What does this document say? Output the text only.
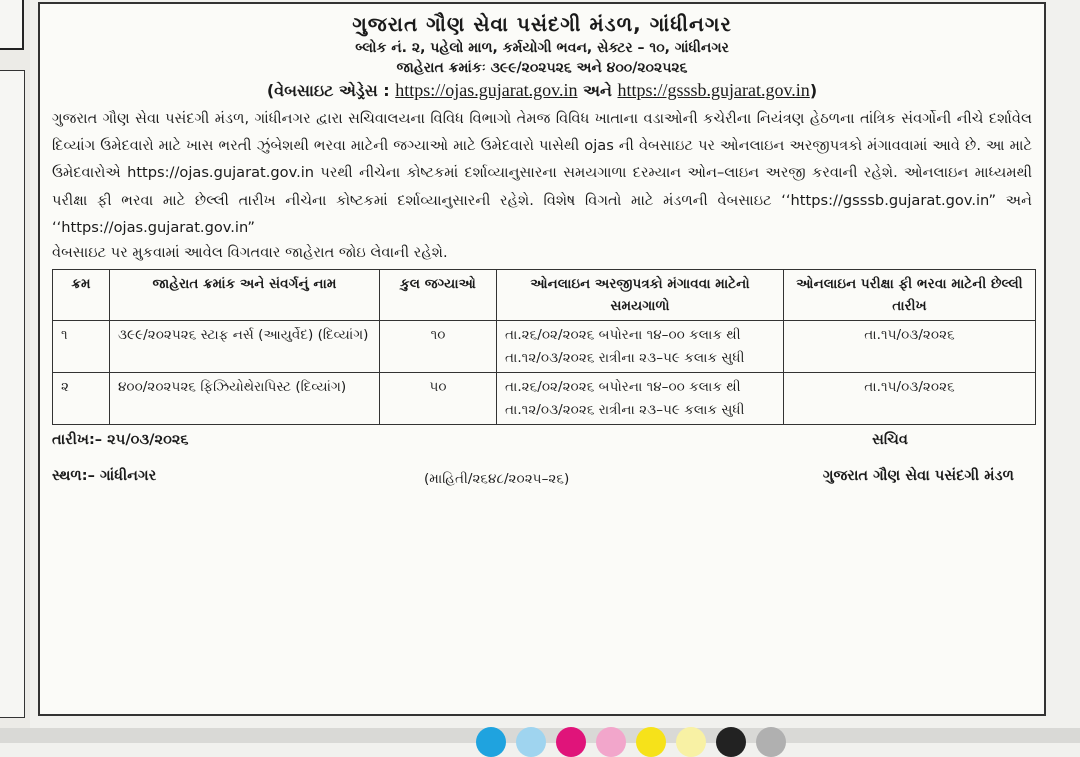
ગુજરાત ગૌણ સેવા પસંદગી મંડળ, ગાંધીનગર
બ્લોક નં. ૨, પહેલો માળ, કર્મયોગી ભવન, સેક્ટર – ૧૦, ગાંધીનગર
જાહેરાત ક્રમાંકઃ ૩૯૯/૨૦૨૫૨૬ અને ૪૦૦/૨૦૨૫૨૬
(વેબસાઇટ એડ્રેસ : https://ojas.gujarat.gov.in અને https://gsssb.gujarat.gov.in)
ગુજરાત ગૌણ સેવા પસંદગી મંડળ, ગાંધીનગર દ્વારા સચિવાલયના વિવિધ વિભાગો તેમજ વિવિધ ખાતાના વડાઓની કચેરીના નિયંત્રણ હેઠળના તાંત્રિક સંવર્ગોની નીચે દર્શાવેલ દિવ્યાંગ ઉમેદવારો માટે ખાસ ભરતી ઝુંબેશથી ભરવા માટેની જગ્યાઓ માટે ઉમેદવારો પાસેથી ojas ની વેબસાઇટ પર ઓનલાઇન અરજીપત્રકો મંગાવવામાં આવે છે. આ માટે ઉમેદવારોએ https://ojas.gujarat.gov.in પરથી નીચેના કોષ્ટકમાં દર્શાવ્યાનુસારના સમયગાળા દરમ્યાન ઓન–લાઇન અરજી કરવાની રહેશે. ઓનલાઇન માધ્યમથી પરીક્ષા ફી ભરવા માટે છેલ્લી તારીખ નીચેના કોષ્ટકમાં દર્શાવ્યાનુસારની રહેશે. વિશેષ વિગતો માટે મંડળની વેબસાઇટ ‘‘https://gsssb.gujarat.gov.in” અને ‘‘https://ojas.gujarat.gov.in”
વેબસાઇટ પર મુકવામાં આવેલ વિગતવાર જાહેરાત જોઇ લેવાની રહેશે.
ક્રમ	જાહેરાત ક્રમાંક અને સંવર્ગનું નામ	કુલ જગ્યાઓ	ઓનલાઇન અરજીપત્રકો મંગાવવા માટેનો સમયગાળો	ઓનલાઇન પરીક્ષા ફી ભરવા માટેની છેલ્લી તારીખ
૧	૩૯૯/૨૦૨૫૨૬ સ્ટાફ નર્સ (આયુર્વેદ) (દિવ્યાંગ)	૧૦	તા.૨૬/૦૨/૨૦૨૬ બપોરના ૧૪–૦૦ કલાક થી તા.૧૨/૦૩/૨૦૨૬ રાત્રીના ૨૩–૫૯ કલાક સુધી	તા.૧૫/૦૩/૨૦૨૬
૨	૪૦૦/૨૦૨૫૨૬ ફિઝિયોથેરાપિસ્ટ (દિવ્યાંગ)	૫૦	તા.૨૬/૦૨/૨૦૨૬ બપોરના ૧૪–૦૦ કલાક થી તા.૧૨/૦૩/૨૦૨૬ રાત્રીના ૨૩–૫૯ કલાક સુધી	તા.૧૫/૦૩/૨૦૨૬
તારીખ:– ૨૫/૦૩/૨૦૨૬
સ્થળ:– ગાંધીનગર
સચિવ
(માહિતી/૨૬૪૮/૨૦૨૫–૨૬)	ગુજરાત ગૌણ સેવા પસંદગી મંડળ
